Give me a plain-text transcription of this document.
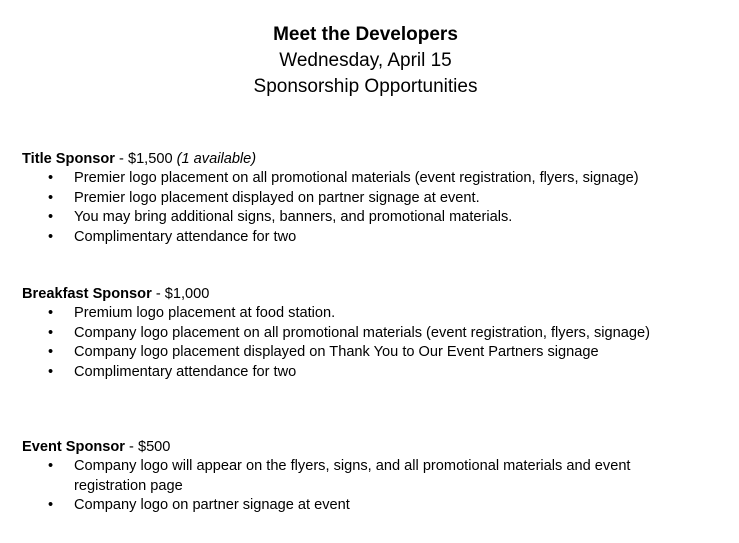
Meet the Developers
Wednesday, April 15
Sponsorship Opportunities
Title Sponsor - $1,500 (1 available)
• Premier logo placement on all promotional materials (event registration, flyers, signage)
• Premier logo placement displayed on partner signage at event.
• You may bring additional signs, banners, and promotional materials.
• Complimentary attendance for two
Breakfast Sponsor - $1,000
• Premium logo placement at food station.
• Company logo placement on all promotional materials (event registration, flyers, signage)
• Company logo placement displayed on Thank You to Our Event Partners signage
• Complimentary attendance for two
Event Sponsor - $500
• Company logo will appear on the flyers, signs, and all promotional materials and event registration page
• Company logo on partner signage at event
